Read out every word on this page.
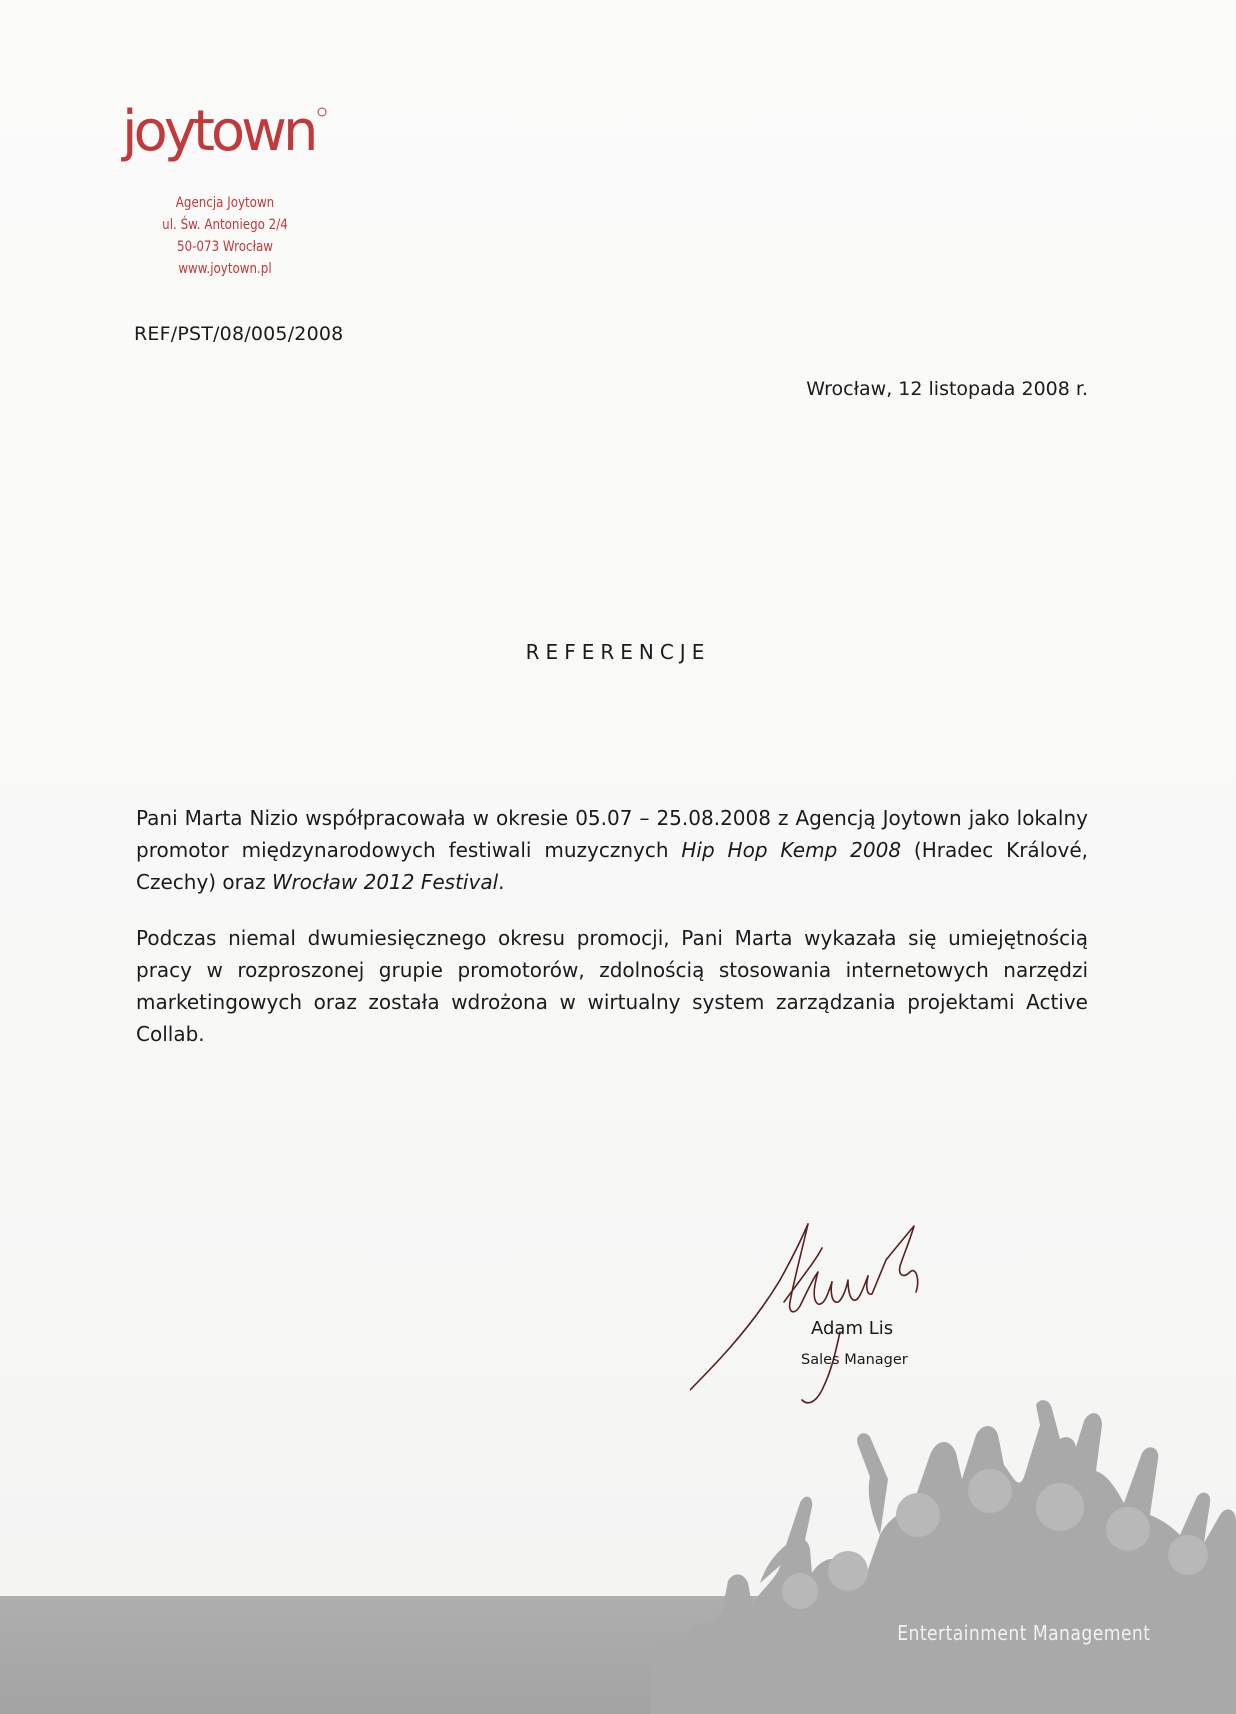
joytown
Agencja Joytown
ul. Św. Antoniego 2/4
50-073 Wrocław
www.joytown.pl
REF/PST/08/005/2008
Wrocław, 12 listopada 2008 r.
REFERENCJE

Pani Marta Nizio współpracowała w okresie 05.07 – 25.08.2008 z Agencją Joytown jako lokalny promotor międzynarodowych festiwali muzycznych Hip Hop Kemp 2008 (Hradec Králové, Czechy) oraz Wrocław 2012 Festival.

Podczas niemal dwumiesięcznego okresu promocji, Pani Marta wykazała się umiejętnością pracy w rozproszonej grupie promotorów, zdolnością stosowania internetowych narzędzi marketingowych oraz została wdrożona w wirtualny system zarządzania projektami Active Collab.

Adam Lis
Sales Manager
Entertainment Management
